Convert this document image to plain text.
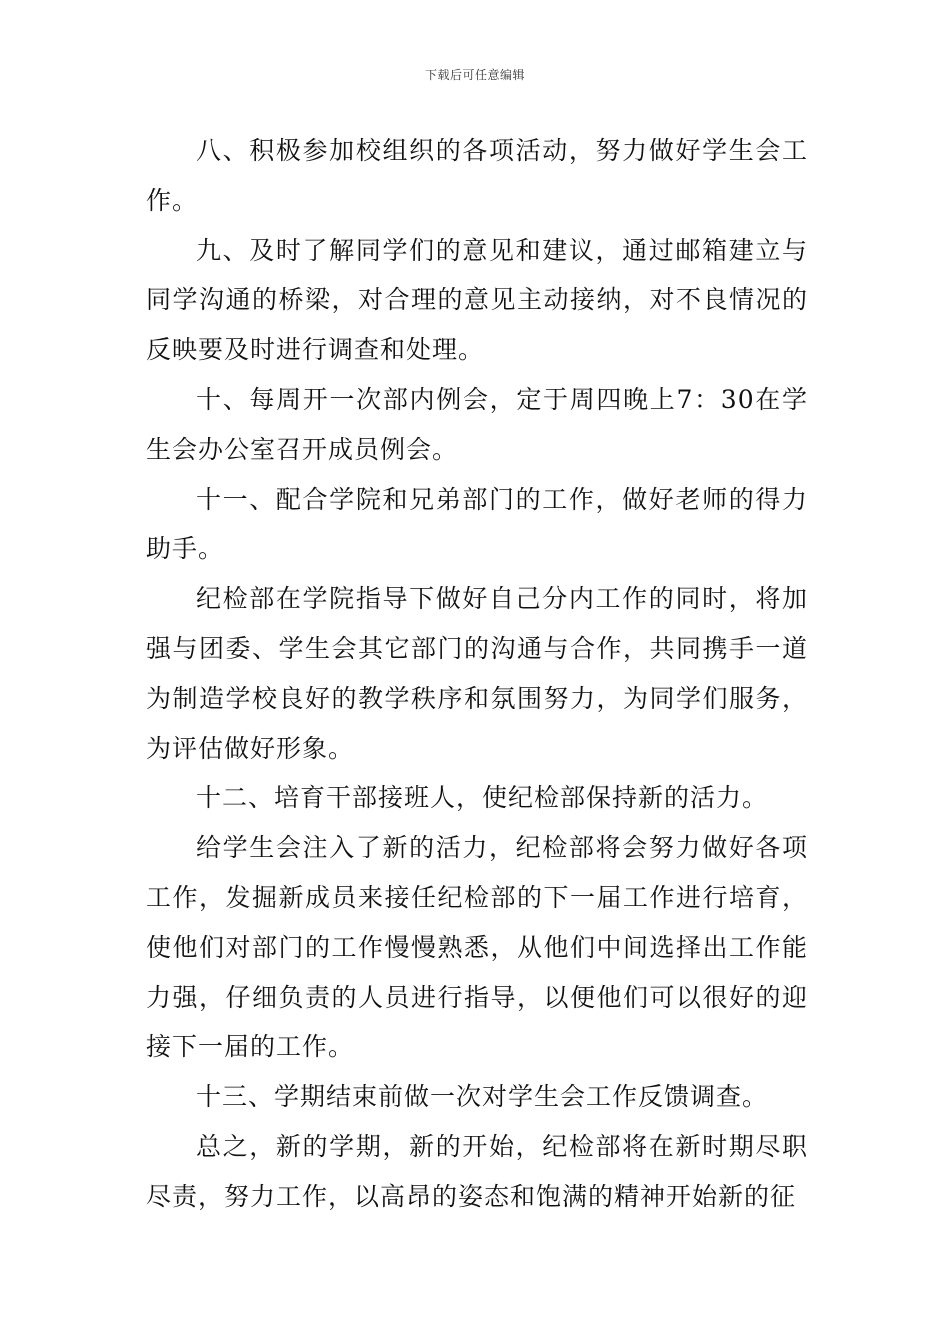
下载后可任意编辑

八、积极参加校组织的各项活动，努力做好学生会工作。

九、及时了解同学们的意见和建议，通过邮箱建立与同学沟通的桥梁，对合理的意见主动接纳，对不良情况的反映要及时进行调查和处理。

十、每周开一次部内例会，定于周四晚上7：30在学生会办公室召开成员例会。

十一、配合学院和兄弟部门的工作，做好老师的得力助手。

纪检部在学院指导下做好自己分内工作的同时，将加强与团委、学生会其它部门的沟通与合作，共同携手一道为制造学校良好的教学秩序和氛围努力，为同学们服务，为评估做好形象。

十二、培育干部接班人，使纪检部保持新的活力。

给学生会注入了新的活力，纪检部将会努力做好各项工作，发掘新成员来接任纪检部的下一届工作进行培育，使他们对部门的工作慢慢熟悉，从他们中间选择出工作能力强，仔细负责的人员进行指导，以便他们可以很好的迎接下一届的工作。

十三、学期结束前做一次对学生会工作反馈调查。

总之，新的学期，新的开始，纪检部将在新时期尽职尽责，努力工作，以高昂的姿态和饱满的精神开始新的征
